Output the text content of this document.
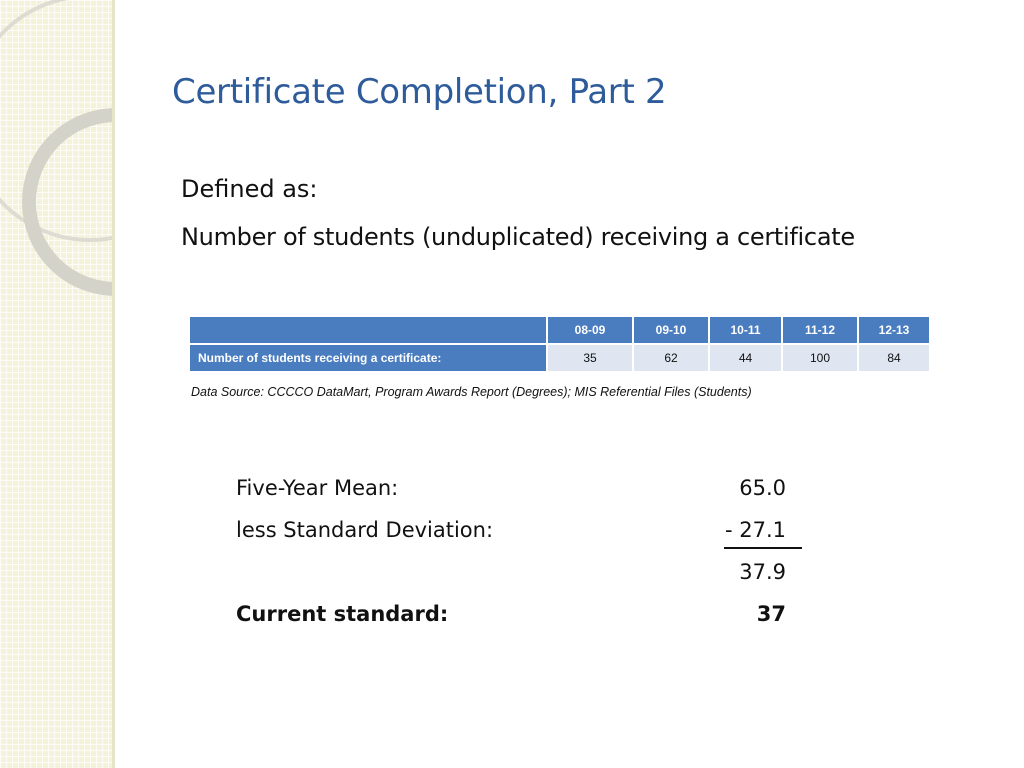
Certificate Completion, Part 2
Defined as:
Number of students (unduplicated) receiving a certificate
	08-09	09-10	10-11	11-12	12-13
Number of students receiving a certificate:	35	62	44	100	84
Data Source: CCCCO DataMart, Program Awards Report (Degrees); MIS Referential Files (Students)
Five-Year Mean:	65.0
less Standard Deviation:	- 27.1
37.9
Current standard:	37
